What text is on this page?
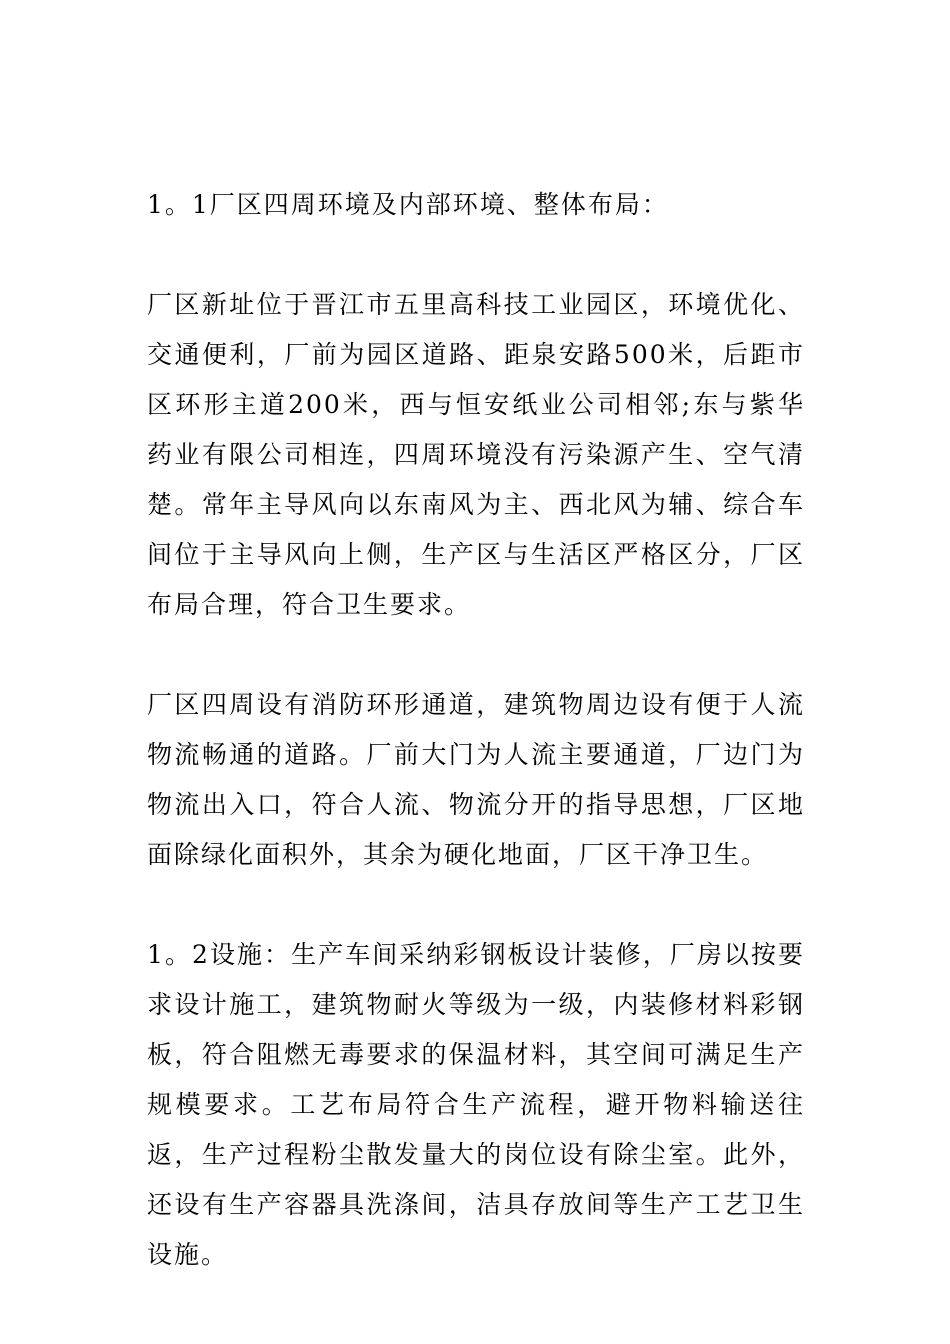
1。1厂区四周环境及内部环境、整体布局：

厂区新址位于晋江市五里高科技工业园区，环境优化、交通便利，厂前为园区道路、距泉安路500米，后距市区环形主道200米，西与恒安纸业公司相邻;东与紫华药业有限公司相连，四周环境没有污染源产生、空气清楚。常年主导风向以东南风为主、西北风为辅、综合车间位于主导风向上侧，生产区与生活区严格区分，厂区布局合理，符合卫生要求。

厂区四周设有消防环形通道，建筑物周边设有便于人流物流畅通的道路。厂前大门为人流主要通道，厂边门为物流出入口，符合人流、物流分开的指导思想，厂区地面除绿化面积外，其余为硬化地面，厂区干净卫生。

1。2设施：生产车间采纳彩钢板设计装修，厂房以按要求设计施工，建筑物耐火等级为一级，内装修材料彩钢板，符合阻燃无毒要求的保温材料，其空间可满足生产规模要求。工艺布局符合生产流程，避开物料输送往返，生产过程粉尘散发量大的岗位设有除尘室。此外，还设有生产容器具洗涤间，洁具存放间等生产工艺卫生设施。
